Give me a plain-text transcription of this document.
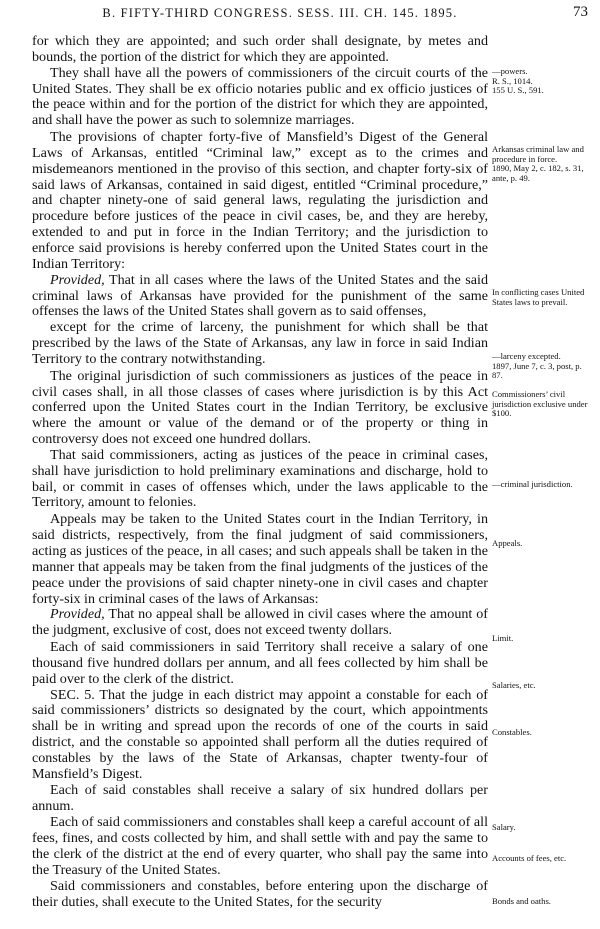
B. FIFTY-THIRD CONGRESS. SESS. III. CH. 145. 1895.	73

for which they are appointed; and such order shall designate, by metes and bounds, the portion of the district for which they are appointed.

They shall have all the powers of commissioners of the circuit courts of the United States. They shall be ex officio notaries public and ex officio justices of the peace within and for the portion of the district for which they are appointed, and shall have the power as such to solemnize marriages.

The provisions of chapter forty-five of Mansfield’s Digest of the General Laws of Arkansas, entitled “Criminal law,” except as to the crimes and misdemeanors mentioned in the proviso of this section, and chapter forty-six of said laws of Arkansas, contained in said digest, entitled “Criminal procedure,” and chapter ninety-one of said general laws, regulating the jurisdiction and procedure before justices of the peace in civil cases, be, and they are hereby, extended to and put in force in the Indian Territory; and the jurisdiction to enforce said provisions is hereby conferred upon the United States court in the Indian Territory:

Provided, That in all cases where the laws of the United States and the said criminal laws of Arkansas have provided for the punishment of the same offenses the laws of the United States shall govern as to said offenses,

except for the crime of larceny, the punishment for which shall be that prescribed by the laws of the State of Arkansas, any law in force in said Indian Territory to the contrary notwithstanding.

The original jurisdiction of such commissioners as justices of the peace in civil cases shall, in all those classes of cases where jurisdiction is by this Act conferred upon the United States court in the Indian Territory, be exclusive where the amount or value of the demand or of the property or thing in controversy does not exceed one hundred dollars.

That said commissioners, acting as justices of the peace in criminal cases, shall have jurisdiction to hold preliminary examinations and discharge, hold to bail, or commit in cases of offenses which, under the laws applicable to the Territory, amount to felonies.

Appeals may be taken to the United States court in the Indian Territory, in said districts, respectively, from the final judgment of said commissioners, acting as justices of the peace, in all cases; and such appeals shall be taken in the manner that appeals may be taken from the final judgments of the justices of the peace under the provisions of said chapter ninety-one in civil cases and chapter forty-six in criminal cases of the laws of Arkansas:

Provided, That no appeal shall be allowed in civil cases where the amount of the judgment, exclusive of cost, does not exceed twenty dollars.

Each of said commissioners in said Territory shall receive a salary of one thousand five hundred dollars per annum, and all fees collected by him shall be paid over to the clerk of the district.

SEC. 5. That the judge in each district may appoint a constable for each of said commissioners’ districts so designated by the court, which appointments shall be in writing and spread upon the records of one of the courts in said district, and the constable so appointed shall perform all the duties required of constables by the laws of the State of Arkansas, chapter twenty-four of Mansfield’s Digest.

Each of said constables shall receive a salary of six hundred dollars per annum.

Each of said commissioners and constables shall keep a careful account of all fees, fines, and costs collected by him, and shall settle with and pay the same to the clerk of the district at the end of every quarter, who shall pay the same into the Treasury of the United States.

Said commissioners and constables, before entering upon the discharge of their duties, shall execute to the United States, for the security

—powers.
R. S., 1014.
155 U. S., 591.
Arkansas criminal law and procedure in force.
1890, May 2, c. 182, s. 31, ante, p. 49.
In conflicting cases United States laws to prevail.
—larceny excepted.
1897, June 7, c. 3, post, p. 87.
Commissioners’ civil jurisdiction exclusive under $100.
—criminal jurisdiction.
Appeals.
Limit.
Salaries, etc.
Constables.
Salary.
Accounts of fees, etc.
Bonds and oaths.
